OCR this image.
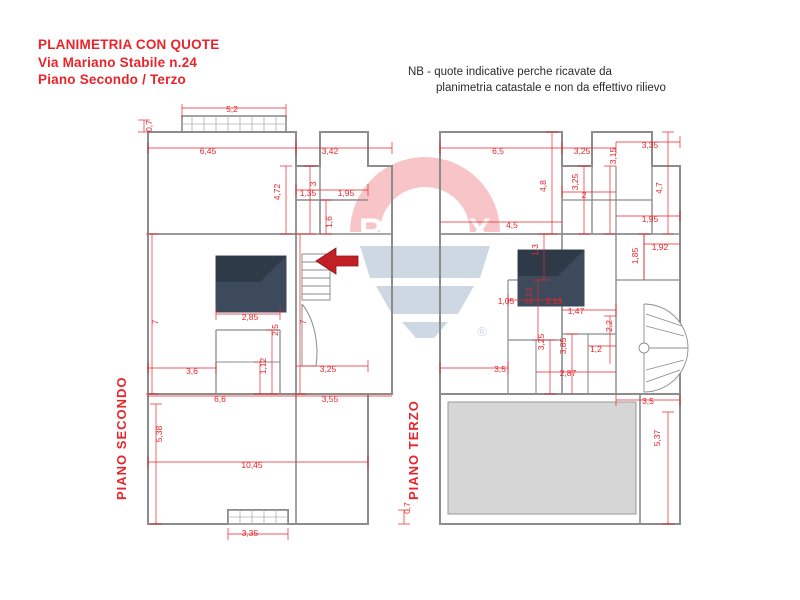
PLANIMETRIA CON QUOTE
Via Mariano Stabile n.24
Piano Secondo / Terzo	NB - quote indicative perche ricavate da
planimetria catastale e non da effettivo rilievo
RE/MAX
®
PIANO SECONDO	PIANO TERZO
5,2
0,7
6,45	3,42
4,72	3
1,35	1,95
1,6
7	7
2,85
2,5
3,6	1,12	3,25
6,6	3,55
5,38
10,45
0,7
3,35
6,5	3,25 3,15
3,35
4,8	3,25	4,7
2
4,5
1,95
1,3	1,85
1,92
2,13 2,13
1,05
1,47
2,2
3,25 3,85	1,2
3,5	2,87
3,5
5,37
